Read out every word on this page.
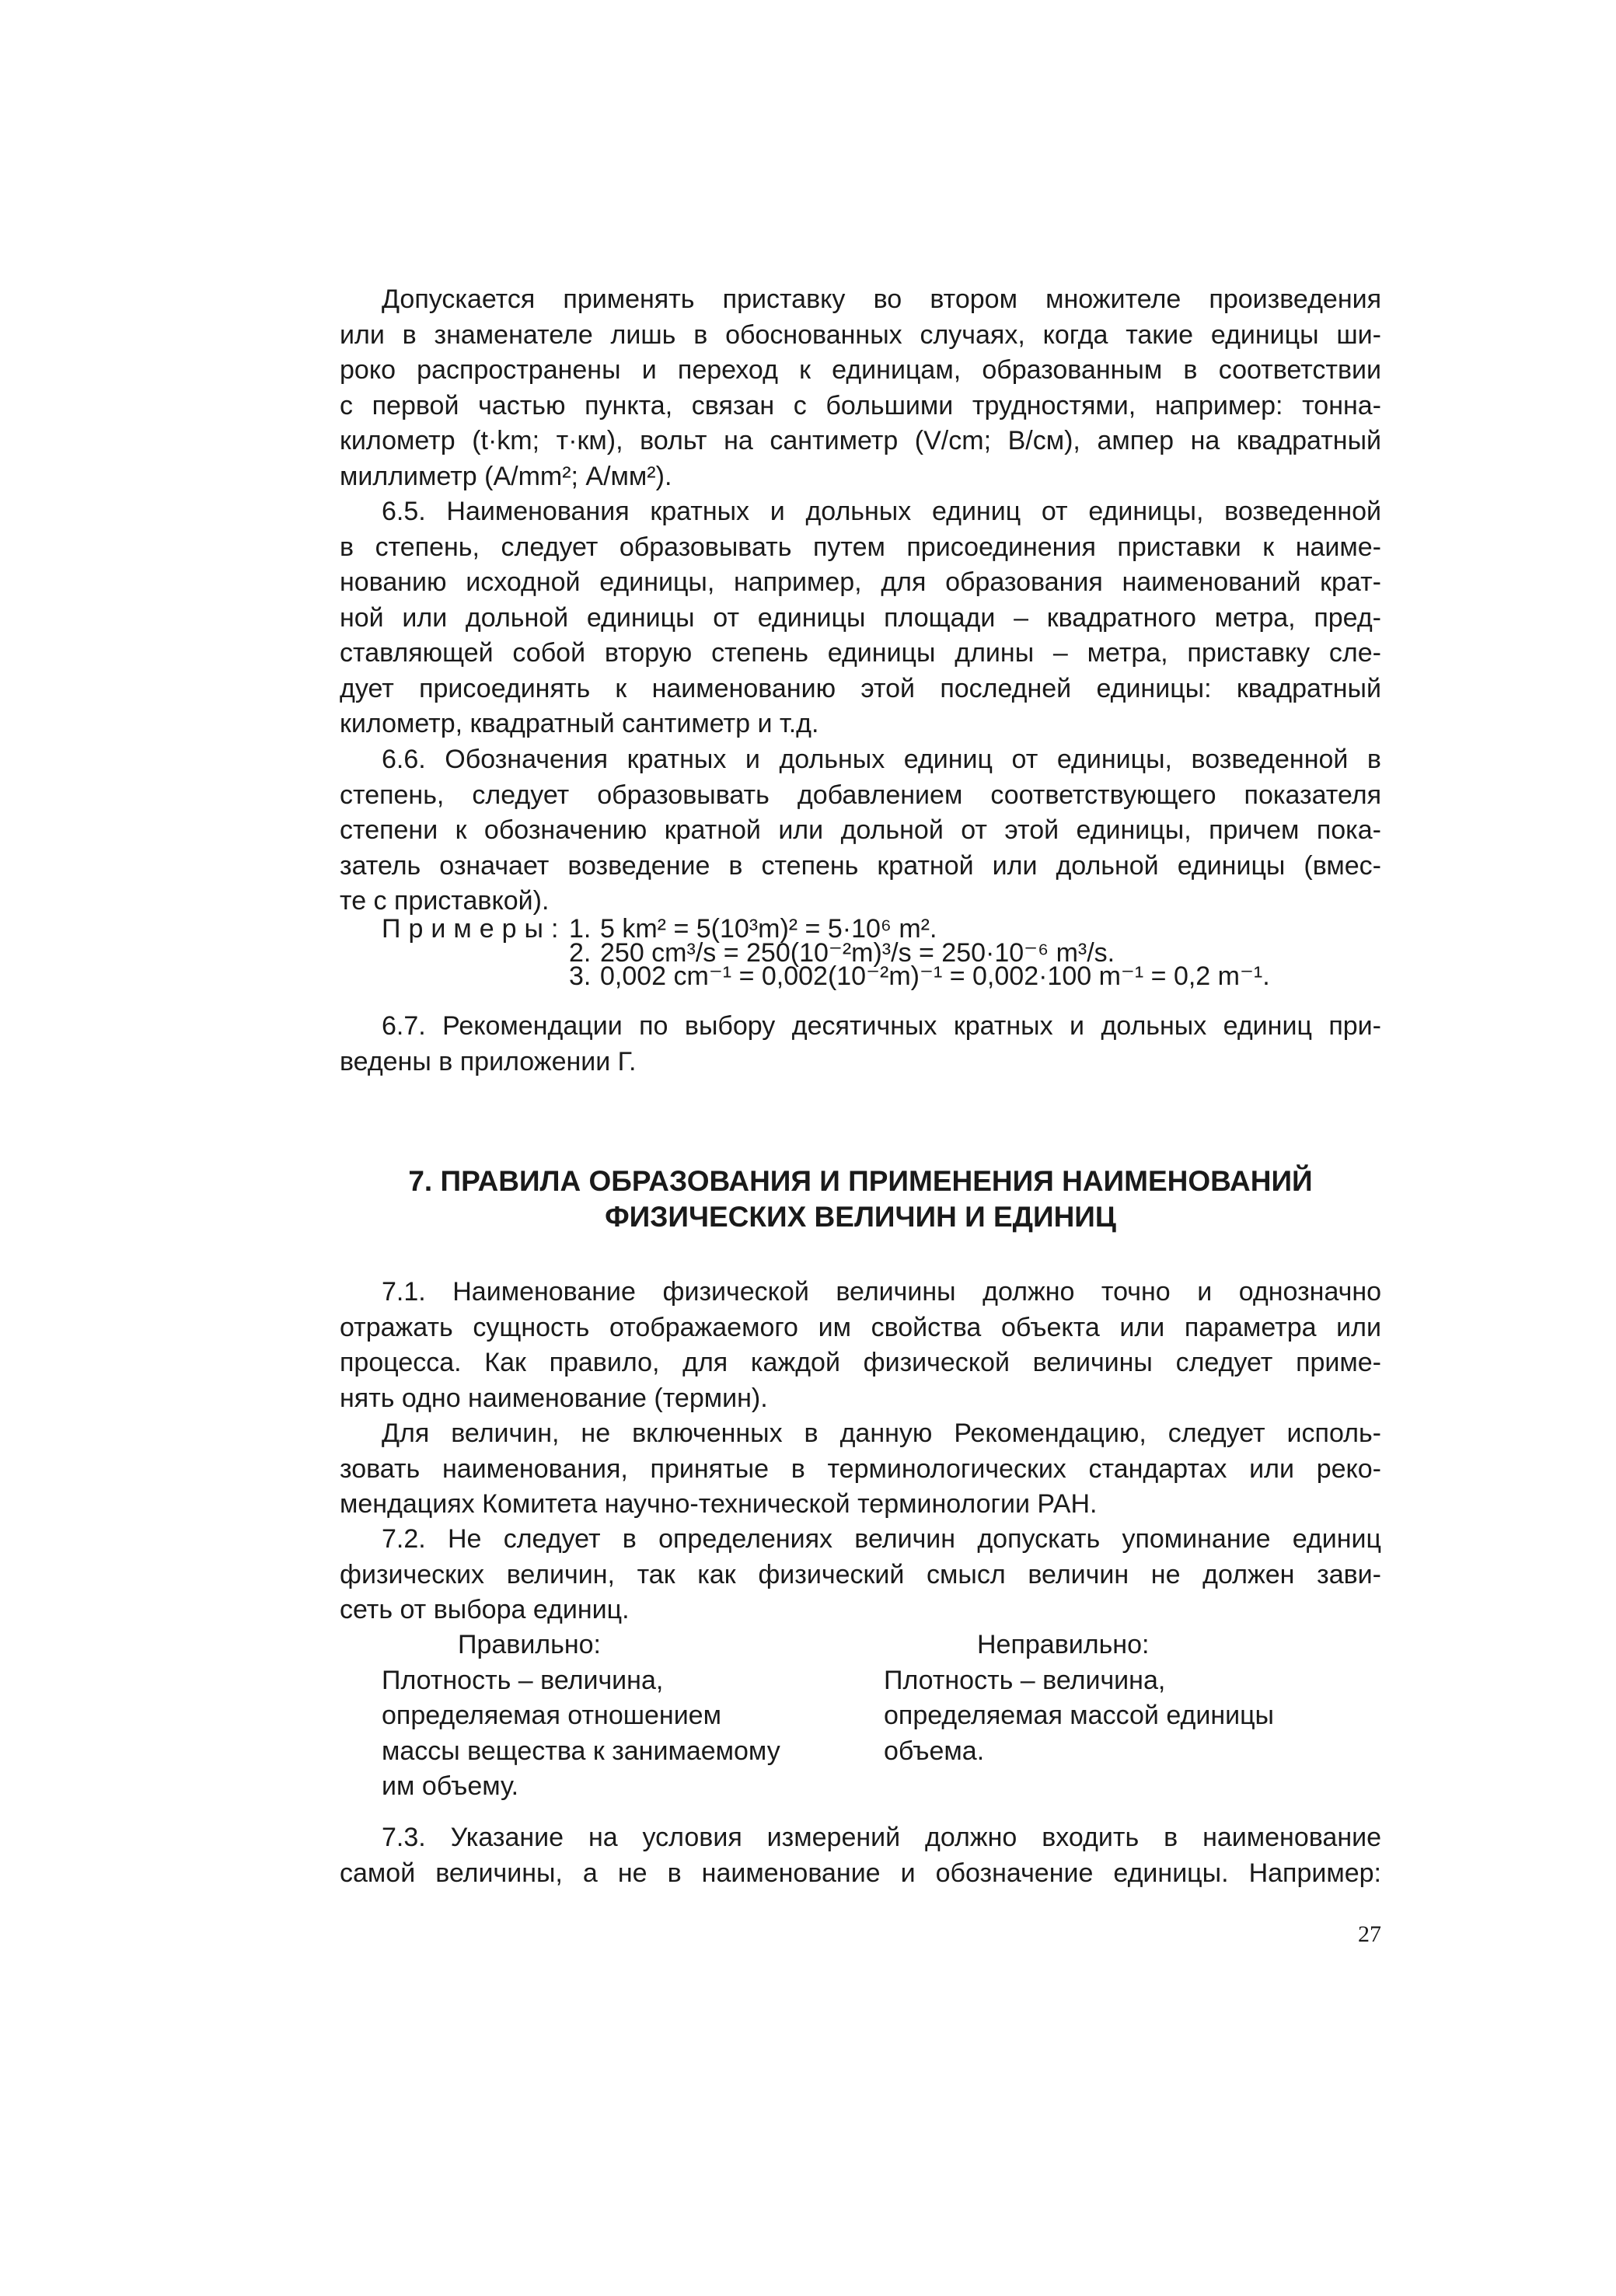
Допускается применять приставку во втором множителе произведения
или в знаменателе лишь в обоснованных случаях, когда такие единицы ши-
роко распространены и переход к единицам, образованным в соответствии
с первой частью пункта, связан с большими трудностями, например: тонна-
километр (t·km; т·км), вольт на сантиметр (V/cm; В/см), ампер на квадратный
миллиметр (A/mm²; А/мм²).
6.5. Наименования кратных и дольных единиц от единицы, возведенной
в степень, следует образовывать путем присоединения приставки к наиме-
нованию исходной единицы, например, для образования наименований крат-
ной или дольной единицы от единицы площади – квадратного метра, пред-
ставляющей собой вторую степень единицы длины – метра, приставку сле-
дует присоединять к наименованию этой последней единицы: квадратный
километр, квадратный сантиметр и т.д.
6.6. Обозначения кратных и дольных единиц от единицы, возведенной в
степень, следует образовывать добавлением соответствующего показателя
степени к обозначению кратной или дольной от этой единицы, причем пока-
затель означает возведение в степень кратной или дольной единицы (вмес-
те с приставкой).
Примеры: 1. 5 km² = 5(10³m)² = 5·10⁶ m².
2. 250 cm³/s = 250(10⁻²m)³/s = 250·10⁻⁶ m³/s.
3. 0,002 cm⁻¹ = 0,002(10⁻²m)⁻¹ = 0,002·100 m⁻¹ = 0,2 m⁻¹.
6.7. Рекомендации по выбору десятичных кратных и дольных единиц при-
ведены в приложении Г.
7. ПРАВИЛА ОБРАЗОВАНИЯ И ПРИМЕНЕНИЯ НАИМЕНОВАНИЙ
ФИЗИЧЕСКИХ ВЕЛИЧИН И ЕДИНИЦ
7.1. Наименование физической величины должно точно и однозначно
отражать сущность отображаемого им свойства объекта или параметра или
процесса. Как правило, для каждой физической величины следует приме-
нять одно наименование (термин).
Для величин, не включенных в данную Рекомендацию, следует исполь-
зовать наименования, принятые в терминологических стандартах или реко-
мендациях Комитета научно-технической терминологии РАН.
7.2. Не следует в определениях величин допускать упоминание единиц
физических величин, так как физический смысл величин не должен зави-
сеть от выбора единиц.
Правильно:
Плотность – величина,
определяемая отношением
массы вещества к занимаемому
им объему.
Неправильно:
Плотность – величина,
определяемая массой единицы
объема.
7.3. Указание на условия измерений должно входить в наименование
самой величины, а не в наименование и обозначение единицы. Например:
27
